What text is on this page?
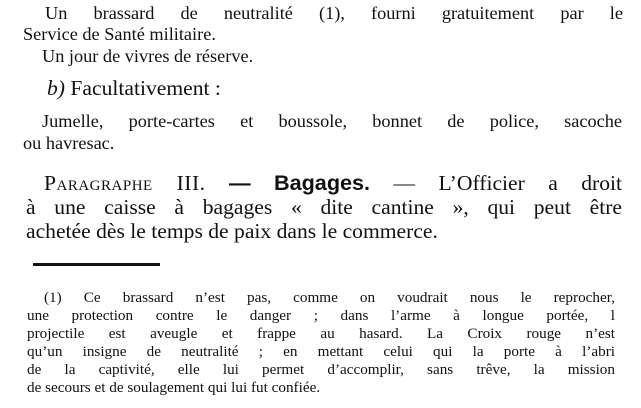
Un brassard de neutralité (1), fourni gratuitement par le

Service de Santé militaire.

Un jour de vivres de réserve.

b) Facultativement :

Jumelle, porte-cartes et boussole, bonnet de police, sacoche

ou havresac.

Paragraphe III. — Bagages. — L’Officier a droit

à une caisse à bagages « dite cantine », qui peut être

achetée dès le temps de paix dans le commerce.

(1) Ce brassard n’est pas, comme on voudrait nous le reprocher,

une protection contre le danger ; dans l’arme à longue portée, l

projectile est aveugle et frappe au hasard. La Croix rouge n’est

qu’un insigne de neutralité ; en mettant celui qui la porte à l’abri

de la captivité, elle lui permet d’accomplir, sans trêve, la mission

de secours et de soulagement qui lui fut confiée.
